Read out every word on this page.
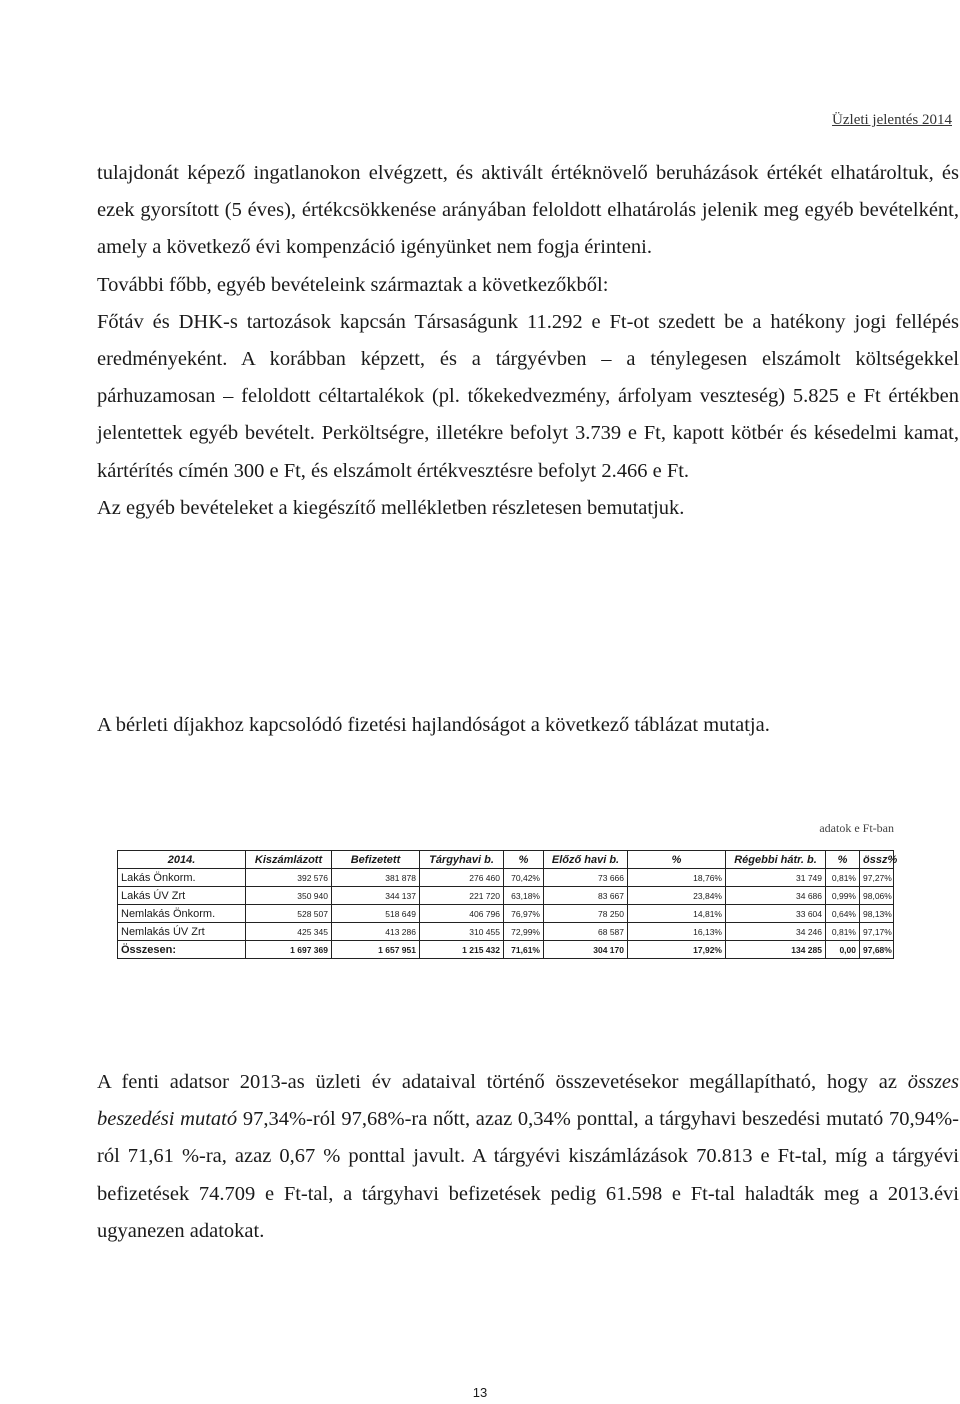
Üzleti jelentés 2014

tulajdonát képező ingatlanokon elvégzett, és aktivált értéknövelő beruházások értékét elhatároltuk, és ezek gyorsított (5 éves), értékcsökkenése arányában feloldott elhatárolás jelenik meg egyéb bevételként, amely a következő évi kompenzáció igényünket nem fogja érinteni.

További főbb, egyéb bevételeink származtak a következőkből:

Főtáv és DHK-s tartozások kapcsán Társaságunk 11.292 e Ft-ot szedett be a hatékony jogi fellépés eredményeként. A korábban képzett, és a tárgyévben – a ténylegesen elszámolt költségekkel párhuzamosan – feloldott céltartalékok (pl. tőkekedvezmény, árfolyam veszteség) 5.825 e Ft értékben jelentettek egyéb bevételt. Perköltségre, illetékre befolyt 3.739 e Ft, kapott kötbér és késedelmi kamat, kártérítés címén 300 e Ft, és elszámolt értékvesztésre befolyt 2.466 e Ft.

Az egyéb bevételeket a kiegészítő mellékletben részletesen bemutatjuk.

A bérleti díjakhoz kapcsolódó fizetési hajlandóságot a következő táblázat mutatja.
adatok e Ft-ban
2014.	Kiszámlázott	Befizetett	Tárgyhavi b.	%	Előző havi b.	%	Régebbi hátr. b.	%	össz%
Lakás Önkorm.	392 576	381 878	276 460	70,42%	73 666	18,76%	31 749	0,81%	97,27%
Lakás ÚV Zrt	350 940	344 137	221 720	63,18%	83 667	23,84%	34 686	0,99%	98,06%
Nemlakás Önkorm.	528 507	518 649	406 796	76,97%	78 250	14,81%	33 604	0,64%	98,13%
Nemlakás ÚV Zrt	425 345	413 286	310 455	72,99%	68 587	16,13%	34 246	0,81%	97,17%
Összesen:	1 697 369	1 657 951	1 215 432	71,61%	304 170	17,92%	134 285	0,00	97,68%

A fenti adatsor 2013-as üzleti év adataival történő összevetésekor megállapítható, hogy az összes beszedési mutató 97,34%-ról 97,68%-ra nőtt, azaz 0,34% ponttal, a tárgyhavi beszedési mutató 70,94%-ról 71,61 %-ra, azaz 0,67 % ponttal javult. A tárgyévi kiszámlázások 70.813 e Ft-tal, míg a tárgyévi befizetések 74.709 e Ft-tal, a tárgyhavi befizetések pedig 61.598 e Ft-tal haladták meg a 2013.évi ugyanezen adatokat.

13
